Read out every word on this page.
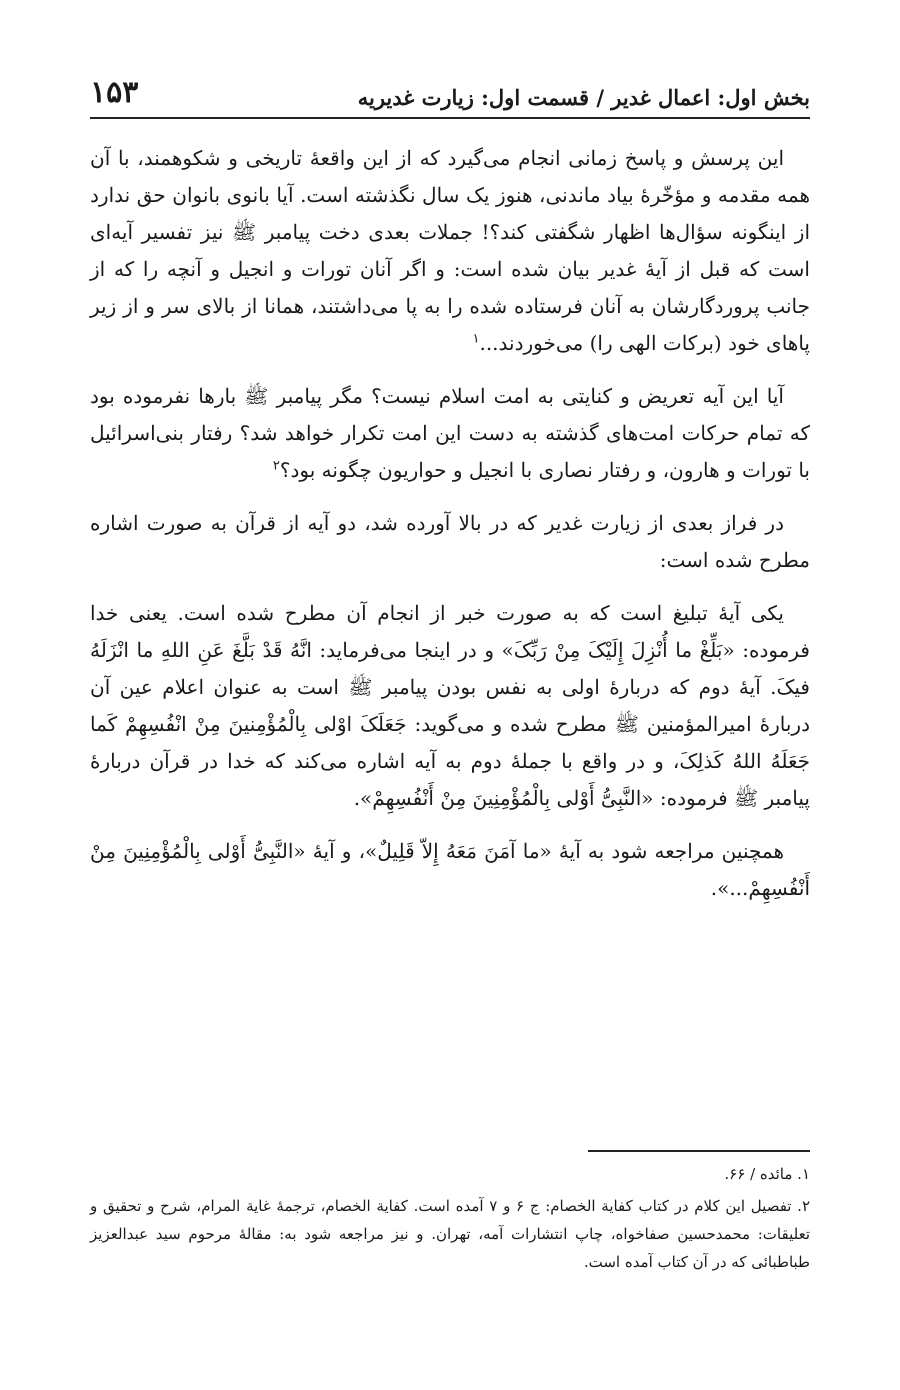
بخش اول: اعمال غدیر / قسمت اول: زیارت غدیریه
۱۵۳

این پرسش و پاسخ زمانی انجام می‌گیرد که از این واقعهٔ تاریخی و شکوهمند، با آن همه مقدمه و مؤخّرهٔ بیاد ماندنی، هنوز یک سال نگذشته است. آیا بانوی بانوان حق ندارد از اینگونه سؤال‌ها اظهار شگفتی کند؟! جملات بعدی دخت پیامبر ﷺ نیز تفسیر آیه‌ای است که قبل از آیهٔ غدیر بیان شده است: و اگر آنان تورات و انجیل و آنچه را که از جانب پروردگارشان به آنان فرستاده شده را به پا می‌داشتند، همانا از بالای سر و از زیر پاهای خود (برکات الهی را) می‌خوردند...$^۱$

آیا این آیه تعریض و کنایتی به امت اسلام نیست؟ مگر پیامبر ﷺ بارها نفرموده بود که تمام حرکات امت‌های گذشته به دست این امت تکرار خواهد شد؟ رفتار بنی‌اسرائیل با تورات و هارون، و رفتار نصاری با انجیل و حواریون چگونه بود؟$^۲$

در فراز بعدی از زیارت غدیر که در بالا آورده شد، دو آیه از قرآن به صورت اشاره مطرح شده است:

یکی آیهٔ تبلیغ است که به صورت خبر از انجام آن مطرح شده است. یعنی خدا فرموده: «بَلِّغْ ما أُنْزِلَ إِلَیْکَ مِنْ رَبِّکَ» و در اینجا می‌فرماید: انَّهُ قَدْ بَلَّغَ عَنِ اللهِ ما انْزَلَهُ فیکَ. آیهٔ دوم که دربارهٔ اولی به نفس بودن پیامبر ﷺ است به عنوان اعلام عین آن دربارهٔ امیرالمؤمنین ﷺ مطرح شده و می‌گوید: جَعَلَکَ اوْلی بِالْمُؤْمِنینَ مِنْ انْفُسِهِمْ کَما جَعَلَهُ اللهُ کَذلِکَ، و در واقع با جملهٔ دوم به آیه اشاره می‌کند که خدا در قرآن دربارهٔ پیامبر ﷺ فرموده: «النَّبِیُّ أَوْلی بِالْمُؤْمِنِینَ مِنْ أَنْفُسِهِمْ».

همچنین مراجعه شود به آیهٔ «ما آمَنَ مَعَهُ إِلاّ قَلِیلٌ»، و آیهٔ «النَّبِیُّ أَوْلی بِالْمُؤْمِنِینَ مِنْ أَنْفُسِهِمْ...».

۱. مائده / ۶۶.

۲. تفصیل این کلام در کتاب کفایة الخصام: ج ۶ و ۷ آمده است. کفایة الخصام، ترجمهٔ غایة المرام، شرح و تحقیق و تعلیقات: محمدحسین صفاخواه، چاپ انتشارات آمه، تهران. و نیز مراجعه شود به: مقالهٔ مرحوم سید عبدالعزیز طباطبائی که در آن کتاب آمده است.
